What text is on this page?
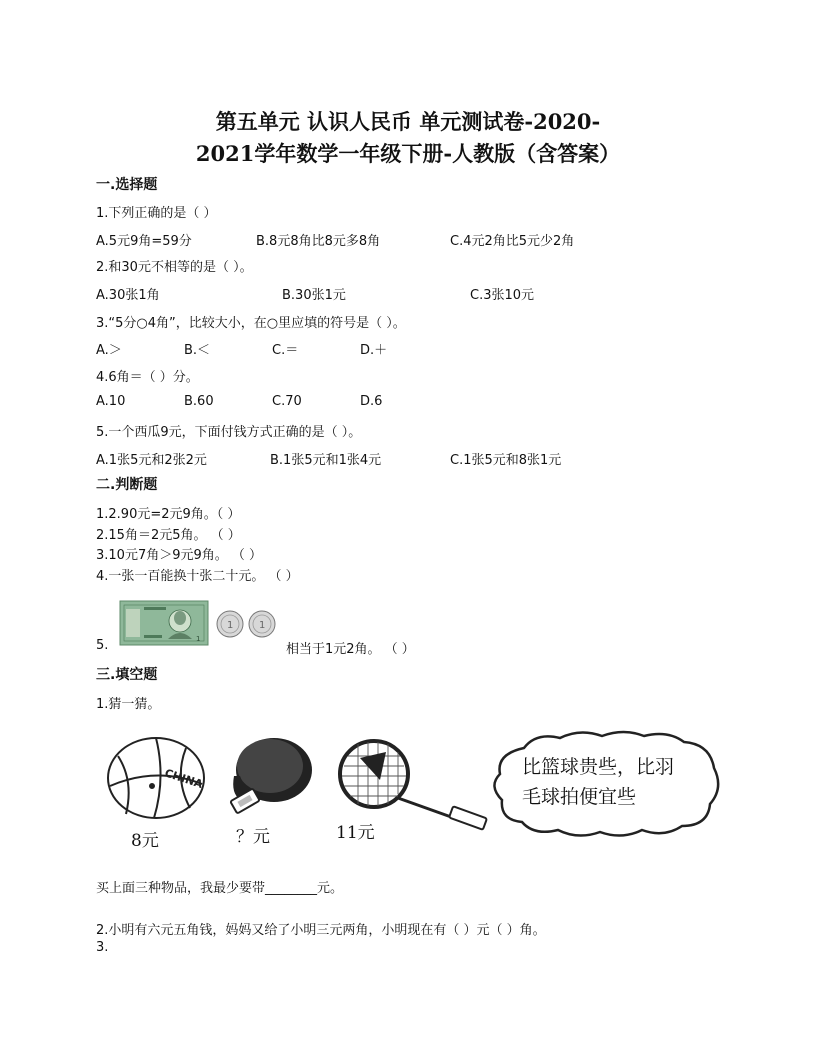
第五单元 认识人民币 单元测试卷-2020-
2021学年数学一年级下册-人教版（含答案）
一.选择题
1.下列正确的是（ ）
A.5元9角=59分	B.8元8角比8元多8角	C.4元2角比5元少2角
2.和30元不相等的是（ ）。
A.30张1角	B.30张1元	C.3张10元
3.“5分○4角”，比较大小，在○里应填的符号是（ ）。
A.＞	B.＜	C.＝	D.＋
4.6角＝（ ）分。
A.10	B.60	C.70	D.6
5.一个西瓜9元，下面付钱方式正确的是（ ）。
A.1张5元和2张2元	B.1张5元和1张4元	C.1张5元和8张1元
二.判断题
1.2.90元=2元9角。（ ）
2.15角＝2元5角。 （ ）
3.10元7角＞9元9角。 （ ）
4.一张一百能换十张二十元。 （ ）
1
1	1
5.	相当于1元2角。 （ ）
三.填空题
1.猜一猜。
CHINA
8元	？元	11元
比篮球贵些，比羽毛球拍便宜些
买上面三种物品，我最少要带________元。
2.小明有六元五角钱，妈妈又给了小明三元两角，小明现在有（ ）元（ ）角。
3.
